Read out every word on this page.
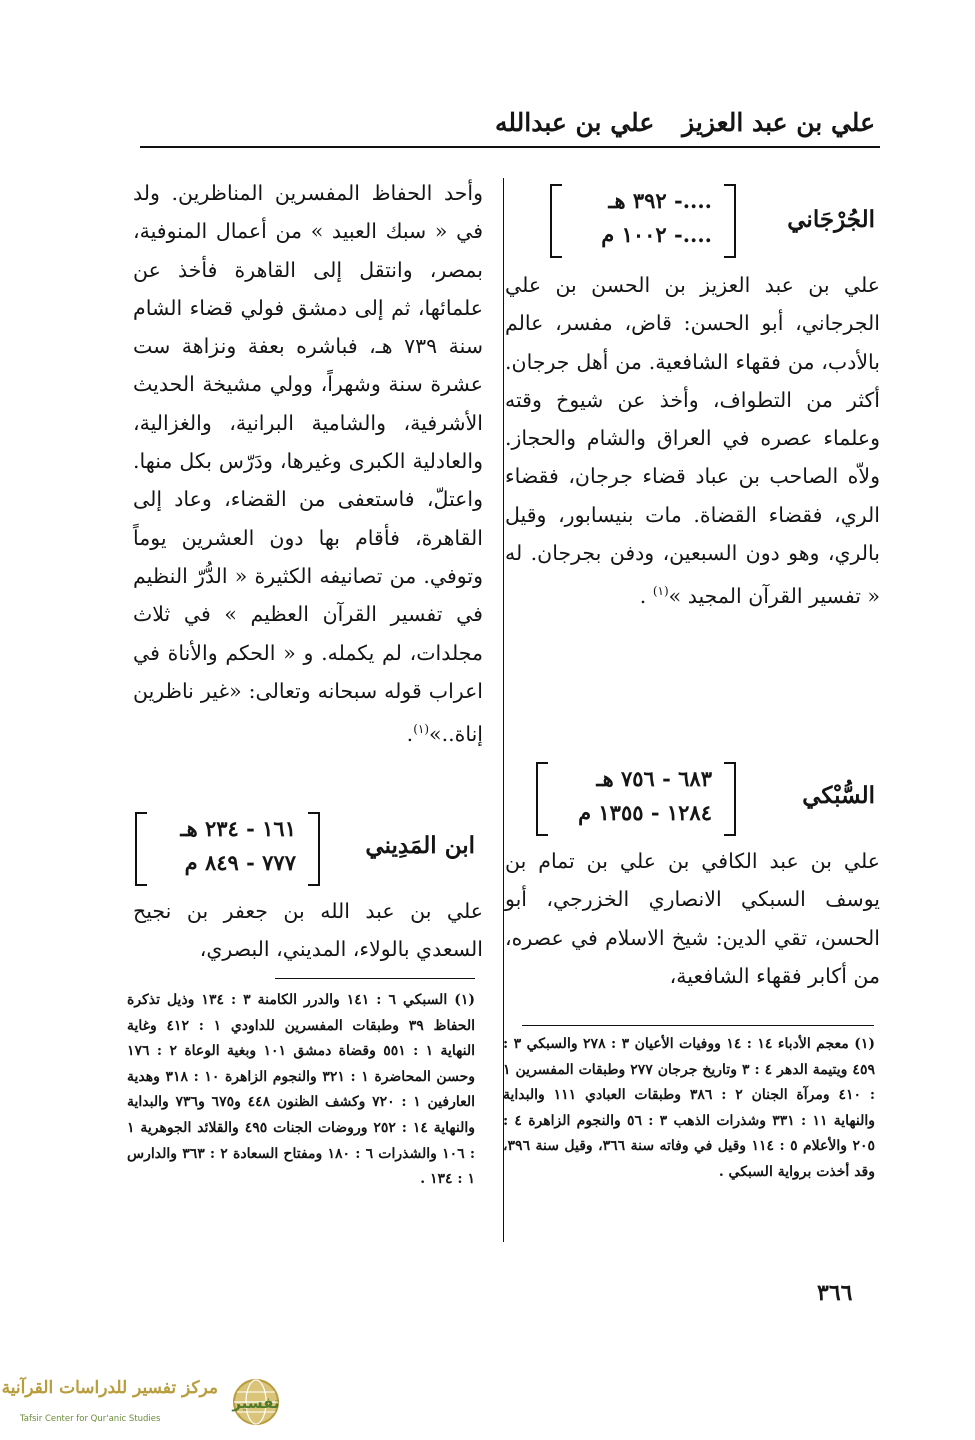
علي بن عبد العزيز
علي بن عبدالله
الجُرْجَاني
....- ٣٩٢ هـ
....- ١٠٠٢ م

علي بن عبد العزيز بن الحسن بن علي الجرجاني، أبو الحسن: قاض، مفسر، عالم بالأدب، من فقهاء الشافعية. من أهل جرجان. أكثر من التطواف، وأخذ عن شيوخ وقته وعلماء عصره في العراق والشام والحجاز. ولاّه الصاحب بن عباد قضاء جرجان، فقضاء الري، فقضاء القضاة. مات بنيسابور، وقيل بالري، وهو دون السبعين، ودفن بجرجان. له « تفسير القرآن المجيد »$^{(١)}$ .

السُّبْكي
٦٨٣ - ٧٥٦ هـ
١٢٨٤ - ١٣٥٥ م

علي بن عبد الكافي بن علي بن تمام بن يوسف السبكي الانصاري الخزرجي، أبو الحسن، تقي الدين: شيخ الاسلام في عصره، من أكابر فقهاء الشافعية،

(١) معجم الأدباء ١٤ : ١٤ ووفيات الأعيان ٣ : ٢٧٨ والسبكي ٣ : ٤٥٩ ويتيمة الدهر ٤ : ٣ وتاريخ جرجان ٢٧٧ وطبقات المفسرين ١ : ٤١٠ ومرآة الجنان ٢ : ٣٨٦ وطبقات العبادي ١١١ والبداية والنهاية ١١ : ٣٣١ وشذرات الذهب ٣ : ٥٦ والنجوم الزاهرة ٤ : ٢٠٥ والأعلام ٥ : ١١٤ وقيل في وفاته سنة ٣٦٦، وقيل سنة ٣٩٦، وقد أخذت برواية السبكي .

وأحد الحفاظ المفسرين المناظرين. ولد في « سبك العبيد » من أعمال المنوفية، بمصر، وانتقل إلى القاهرة فأخذ عن علمائها، ثم إلى دمشق فولي قضاء الشام سنة ٧٣٩ هـ، فباشره بعفة ونزاهة ست عشرة سنة وشهراً، وولي مشيخة الحديث الأشرفية، والشامية البرانية، والغزالية، والعادلية الكبرى وغيرها، ودَرّس بكل منها. واعتلّ، فاستعفى من القضاء، وعاد إلى القاهرة، فأقام بها دون العشرين يوماً وتوفي. من تصانيفه الكثيرة « الدُّرّ النظيم في تفسير القرآن العظيم » في ثلاث مجلدات، لم يكمله. و « الحكم والأناة في اعراب قوله سبحانه وتعالى: «غير ناظرين إناة..»$^{(١)}$.

ابن المَدِيني
١٦١ - ٢٣٤ هـ
٧٧٧ - ٨٤٩ م

علي بن عبد الله بن جعفر بن نجيح السعدي بالولاء، المديني، البصري،

(١) السبكي ٦ : ١٤١ والدرر الكامنة ٣ : ١٣٤ وذيل تذكرة الحفاظ ٣٩ وطبقات المفسرين للداودي ١ : ٤١٢ وغاية النهاية ١ : ٥٥١ وقضاة دمشق ١٠١ وبغية الوعاة ٢ : ١٧٦ وحسن المحاضرة ١ : ٣٢١ والنجوم الزاهرة ١٠ : ٣١٨ وهدية العارفين ١ : ٧٢٠ وكشف الظنون ٤٤٨ و٦٧٥ و٧٣٦ والبداية والنهاية ١٤ : ٢٥٢ وروضات الجنات ٤٩٥ والقلائد الجوهرية ١ : ١٠٦ والشذرات ٦ : ١٨٠ ومفتاح السعادة ٢ : ٣٦٣ والدارس ١ : ١٣٤ .

٣٦٦
مركز تفسير للدراسات القرآنية
Tafsir Center for Qur'anic Studies
تفسير
